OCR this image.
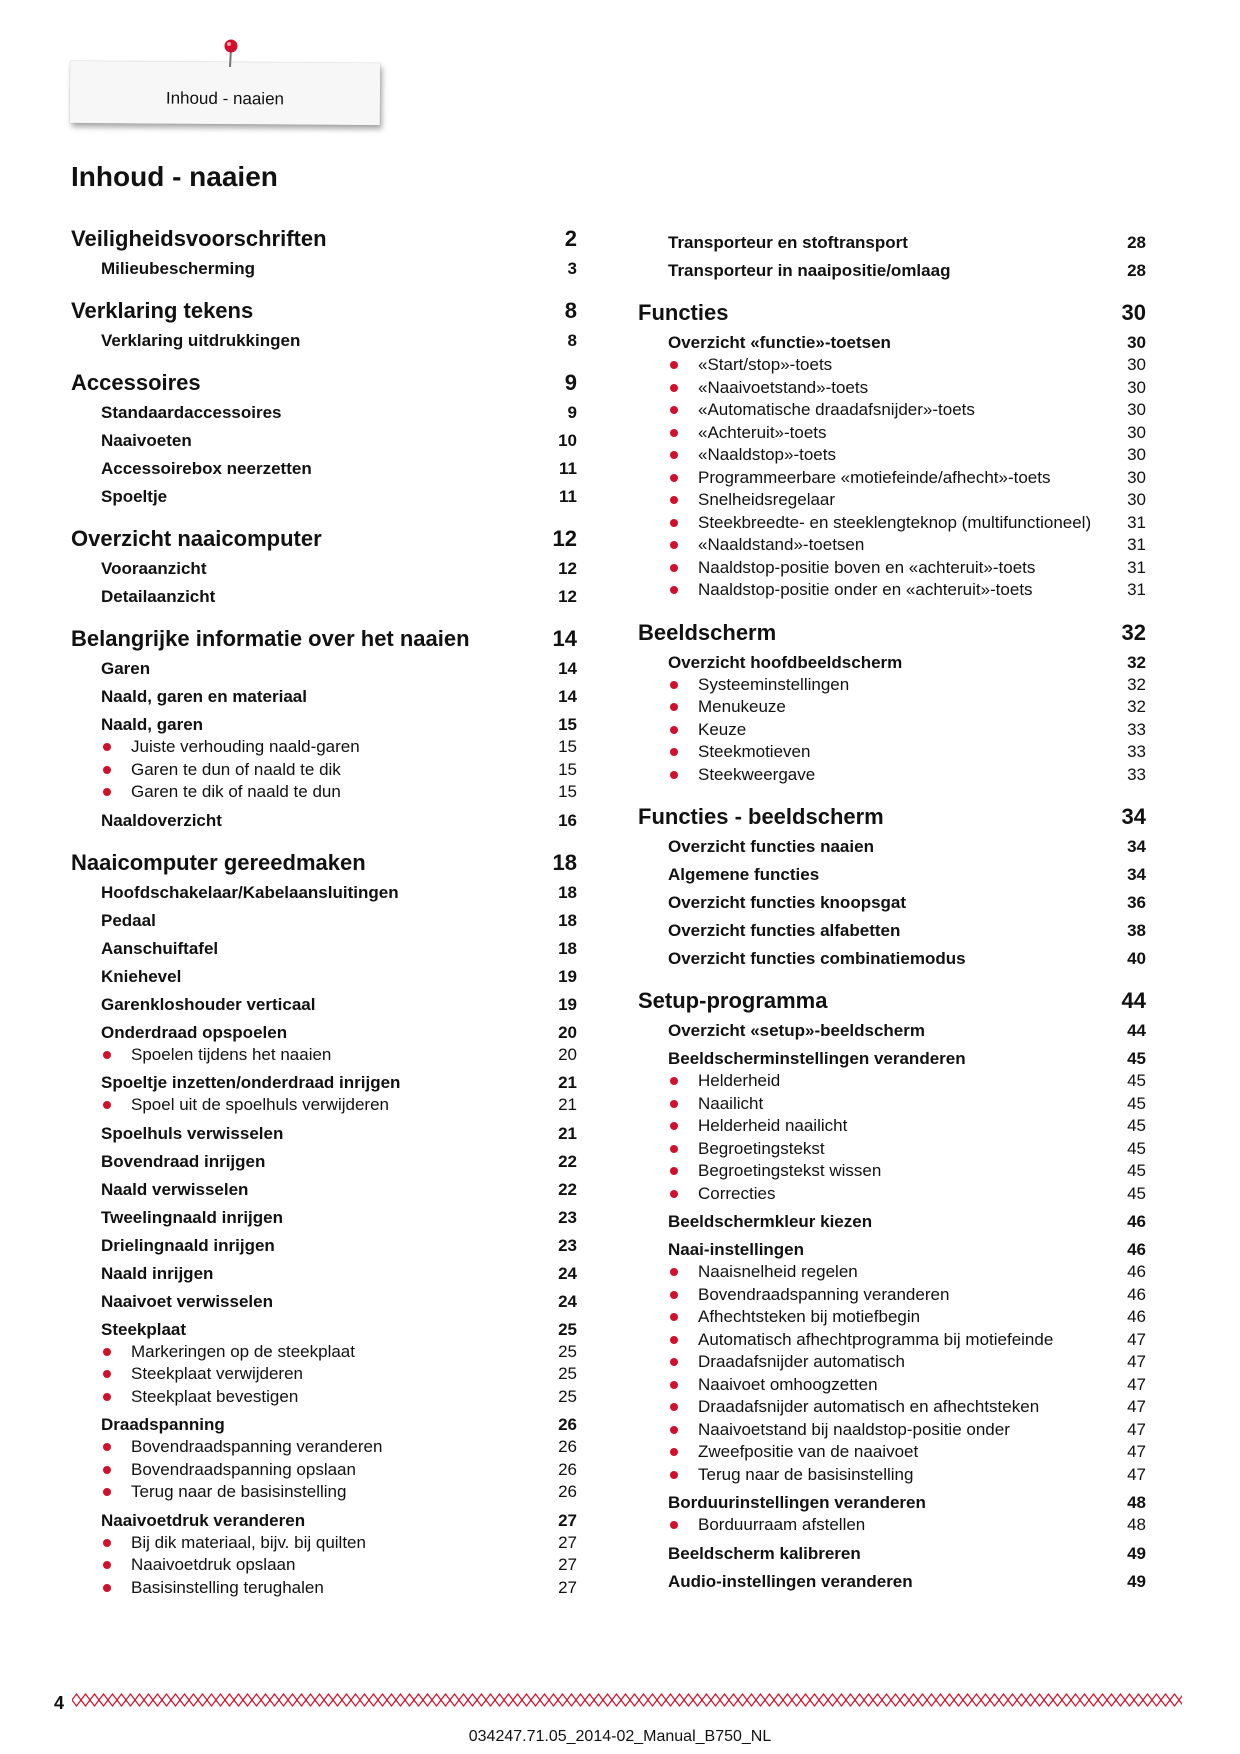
Inhoud - naaien
Inhoud - naaien
Veiligheidsvoorschriften	2
Milieubescherming	3
Verklaring tekens	8
Verklaring uitdrukkingen	8
Accessoires	9
Standaardaccessoires	9
Naaivoeten	10
Accessoirebox neerzetten	11
Spoeltje	11
Overzicht naaicomputer	12
Vooraanzicht	12
Detailaanzicht	12
Belangrijke informatie over het naaien	14
Garen	14
Naald, garen en materiaal	14
Naald, garen	15
Juiste verhouding naald-garen	15
Garen te dun of naald te dik	15
Garen te dik of naald te dun	15
Naaldoverzicht	16
Naaicomputer gereedmaken	18
Hoofdschakelaar/Kabelaansluitingen	18
Pedaal	18
Aanschuiftafel	18
Kniehevel	19
Garenkloshouder verticaal	19
Onderdraad opspoelen	20
Spoelen tijdens het naaien	20
Spoeltje inzetten/onderdraad inrijgen	21
Spoel uit de spoelhuls verwijderen	21
Spoelhuls verwisselen	21
Bovendraad inrijgen	22
Naald verwisselen	22
Tweelingnaald inrijgen	23
Drielingnaald inrijgen	23
Naald inrijgen	24
Naaivoet verwisselen	24
Steekplaat	25
Markeringen op de steekplaat	25
Steekplaat verwijderen	25
Steekplaat bevestigen	25
Draadspanning	26
Bovendraadspanning veranderen	26
Bovendraadspanning opslaan	26
Terug naar de basisinstelling	26
Naaivoetdruk veranderen	27
Bij dik materiaal, bijv. bij quilten	27
Naaivoetdruk opslaan	27
Basisinstelling terughalen	27
Transporteur en stoftransport	28
Transporteur in naaipositie/omlaag	28
Functies	30
Overzicht «functie»-toetsen	30
«Start/stop»-toets	30
«Naaivoetstand»-toets	30
«Automatische draadafsnijder»-toets	30
«Achteruit»-toets	30
«Naaldstop»-toets	30
Programmeerbare «motiefeinde/afhecht»-toets	30
Snelheidsregelaar	30
Steekbreedte- en steeklengteknop (multifunctioneel)	31
«Naaldstand»-toetsen	31
Naaldstop-positie boven en «achteruit»-toets	31
Naaldstop-positie onder en «achteruit»-toets	31
Beeldscherm	32
Overzicht hoofdbeeldscherm	32
Systeeminstellingen	32
Menukeuze	32
Keuze	33
Steekmotieven	33
Steekweergave	33
Functies - beeldscherm	34
Overzicht functies naaien	34
Algemene functies	34
Overzicht functies knoopsgat	36
Overzicht functies alfabetten	38
Overzicht functies combinatiemodus	40
Setup-programma	44
Overzicht «setup»-beeldscherm	44
Beeldscherminstellingen veranderen	45
Helderheid	45
Naailicht	45
Helderheid naailicht	45
Begroetingstekst	45
Begroetingstekst wissen	45
Correcties	45
Beeldschermkleur kiezen	46
Naai-instellingen	46
Naaisnelheid regelen	46
Bovendraadspanning veranderen	46
Afhechtsteken bij motiefbegin	46
Automatisch afhechtprogramma bij motiefeinde	47
Draadafsnijder automatisch	47
Naaivoet omhoogzetten	47
Draadafsnijder automatisch en afhechtsteken	47
Naaivoetstand bij naaldstop-positie onder	47
Zweefpositie van de naaivoet	47
Terug naar de basisinstelling	47
Borduurinstellingen veranderen	48
Borduurraam afstellen	48
Beeldscherm kalibreren	49
Audio-instellingen veranderen	49
4
034247.71.05_2014-02_Manual_B750_NL
